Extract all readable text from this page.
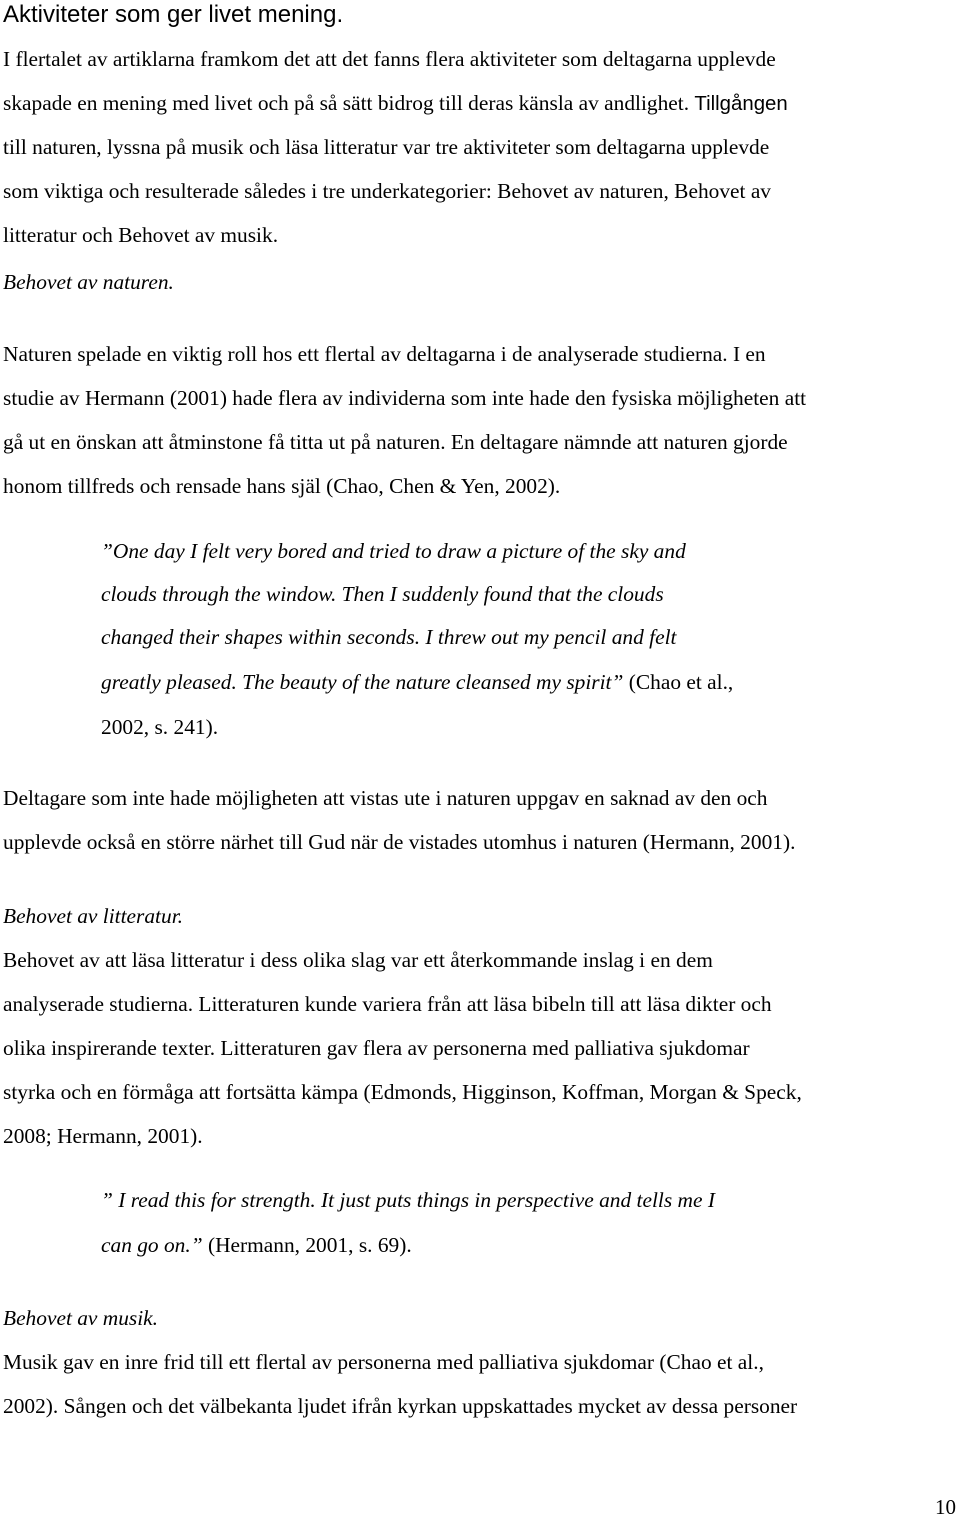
Aktiviteter som ger livet mening.
I flertalet av artiklarna framkom det att det fanns flera aktiviteter som deltagarna upplevde
skapade en mening med livet och på så sätt bidrog till deras känsla av andlighet. Tillgången
till naturen, lyssna på musik och läsa litteratur var tre aktiviteter som deltagarna upplevde
som viktiga och resulterade således i tre underkategorier: Behovet av naturen, Behovet av
litteratur och Behovet av musik.
Behovet av naturen.
Naturen spelade en viktig roll hos ett flertal av deltagarna i de analyserade studierna. I en
studie av Hermann (2001) hade flera av individerna som inte hade den fysiska möjligheten att
gå ut en önskan att åtminstone få titta ut på naturen. En deltagare nämnde att naturen gjorde
honom tillfreds och rensade hans själ (Chao, Chen & Yen, 2002).
”One day I felt very bored and tried to draw a picture of the sky and
clouds through the window. Then I suddenly found that the clouds
changed their shapes within seconds. I threw out my pencil and felt
greatly pleased. The beauty of the nature cleansed my spirit” (Chao et al.,
2002, s. 241).
Deltagare som inte hade möjligheten att vistas ute i naturen uppgav en saknad av den och
upplevde också en större närhet till Gud när de vistades utomhus i naturen (Hermann, 2001).
Behovet av litteratur.
Behovet av att läsa litteratur i dess olika slag var ett återkommande inslag i en dem
analyserade studierna. Litteraturen kunde variera från att läsa bibeln till att läsa dikter och
olika inspirerande texter. Litteraturen gav flera av personerna med palliativa sjukdomar
styrka och en förmåga att fortsätta kämpa (Edmonds, Higginson, Koffman, Morgan & Speck,
2008; Hermann, 2001).
” I read this for strength. It just puts things in perspective and tells me I
can go on.” (Hermann, 2001, s. 69).
Behovet av musik.
Musik gav en inre frid till ett flertal av personerna med palliativa sjukdomar (Chao et al.,
2002). Sången och det välbekanta ljudet ifrån kyrkan uppskattades mycket av dessa personer
10
